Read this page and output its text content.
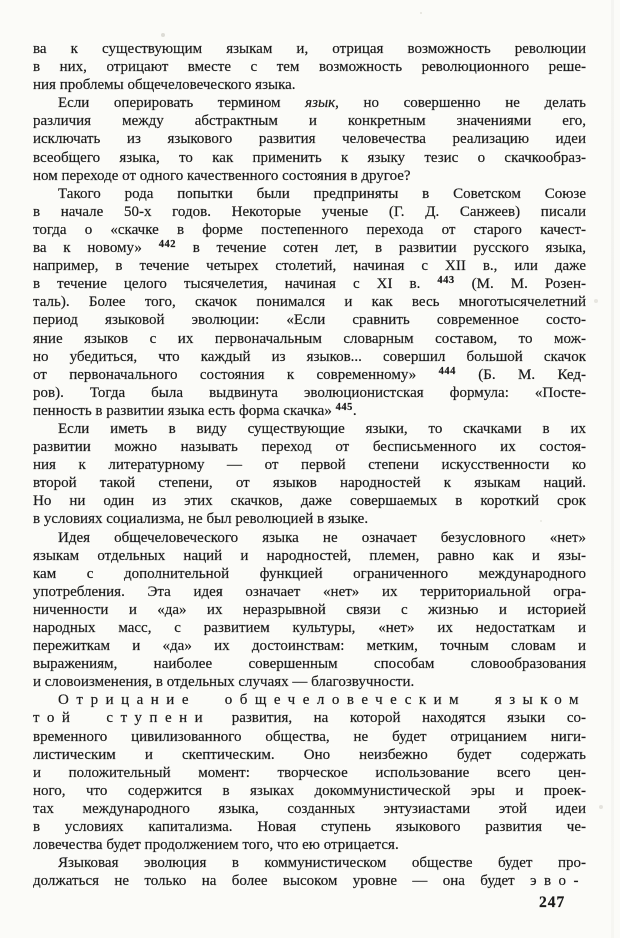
ва к существующим языкам и, отрицая возможность революции
в них, отрицают вместе с тем возможность революционного реше-
ния проблемы общечеловеческого языка.
Если оперировать термином язык, но совершенно не делать
различия между абстрактным и конкретным значениями его,
исключать из языкового развития человечества реализацию идеи
всеобщего языка, то как применить к языку тезис о скачкообраз-
ном переходе от одного качественного состояния в другое?
Такого рода попытки были предприняты в Советском Союзе
в начале 50-х годов. Некоторые ученые (Г. Д. Санжеев) писали
тогда о «скачке в форме постепенного перехода от старого качест-
ва к новому» $^{442}$ в течение сотен лет, в развитии русского языка,
например, в течение четырех столетий, начиная с XII в., или даже
в течение целого тысячелетия, начиная с XI в. $^{443}$ (М. М. Розен-
таль). Более того, скачок понимался и как весь многотысячелетний
период языковой эволюции: «Если сравнить современное состо-
яние языков с их первоначальным словарным составом, то мож-
но убедиться, что каждый из языков... совершил большой скачок
от первоначального состояния к современному» $^{444}$ (Б. М. Кед-
ров). Тогда была выдвинута эволюционистская формула: «Посте-
пенность в развитии языка есть форма скачка» $^{445}$.
Если иметь в виду существующие языки, то скачками в их
развитии можно называть переход от бесписьменного их состоя-
ния к литературному — от первой степени искусственности ко
второй такой степени, от языков народностей к языкам наций.
Но ни один из этих скачков, даже совершаемых в короткий срок
в условиях социализма, не был революцией в языке.
Идея общечеловеческого языка не означает безусловного «нет»
языкам отдельных наций и народностей, племен, равно как и язы-
кам с дополнительной функцией ограниченного международного
употребления. Эта идея означает «нет» их территориальной огра-
ниченности и «да» их неразрывной связи с жизнью и историей
народных масс, с развитием культуры, «нет» их недостаткам и
пережиткам и «да» их достоинствам: метким, точным словам и
выражениям, наиболее совершенным способам словообразования
и словоизменения, в отдельных случаях — благозвучности.
Отрицание общечеловеческим языком
той ступени развития, на которой находятся языки со-
временного цивилизованного общества, не будет отрицанием ниги-
листическим и скептическим. Оно неизбежно будет содержать
и положительный момент: творческое использование всего цен-
ного, что содержится в языках докоммунистической эры и проек-
тах международного языка, созданных энтузиастами этой идеи
в условиях капитализма. Новая ступень языкового развития че-
ловечества будет продолжением того, что ею отрицается.
Языковая эволюция в коммунистическом обществе будет про-
должаться не только на более высоком уровне — она будет эво-
247
